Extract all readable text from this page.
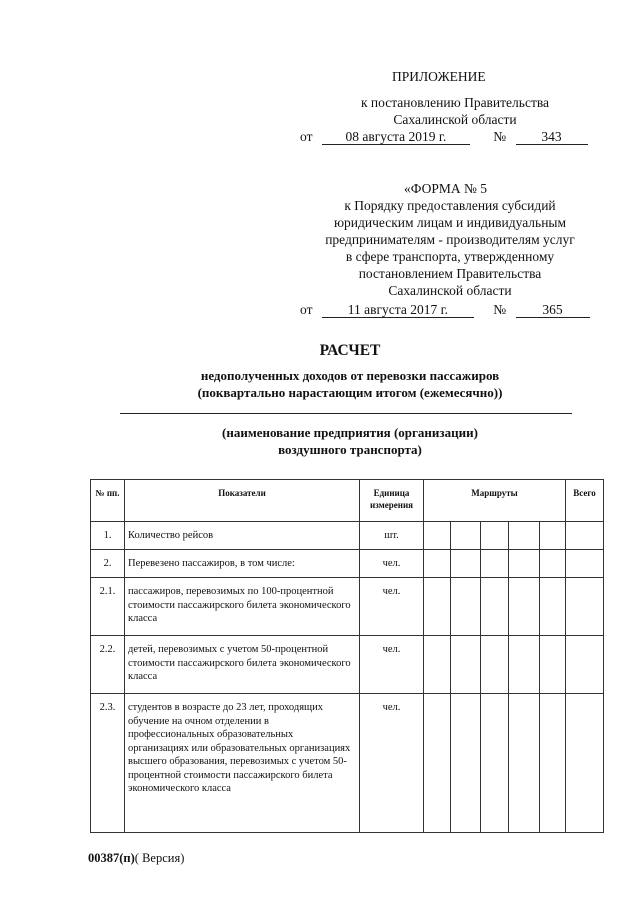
ПРИЛОЖЕНИЕ
к постановлению Правительства
Сахалинской области
от 08 августа 2019 г.	№	343
«ФОРМА № 5
к Порядку предоставления субсидий
юридическим лицам и индивидуальным
предпринимателям - производителям услуг
в сфере транспорта, утвержденному
постановлением Правительства
Сахалинской области
от	11 августа 2017 г.	№	365
РАСЧЕТ
недополученных доходов от перевозки пассажиров
(поквартально нарастающим итогом (ежемесячно))
(наименование предприятия (организации)
воздушного транспорта)
№ пп.	Показатели	Единица измерения	Маршруты					Всего
1.	Количество рейсов	шт.						
2.	Перевезено пассажиров, в том числе:	чел.						
2.1.	пассажиров, перевозимых по 100-процентной стоимости пассажирского билета экономического класса	чел.						
2.2.	детей, перевозимых с учетом 50-процентной стоимости пассажирского билета экономического класса	чел.						
2.3.	студентов в возрасте до 23 лет, проходящих обучение на очном отделении в профессиональных образовательных организациях или образовательных организациях высшего образования, перевозимых с учетом 50-процентной стоимости пассажирского билета экономического класса	чел.						
00387(п)( Версия)
